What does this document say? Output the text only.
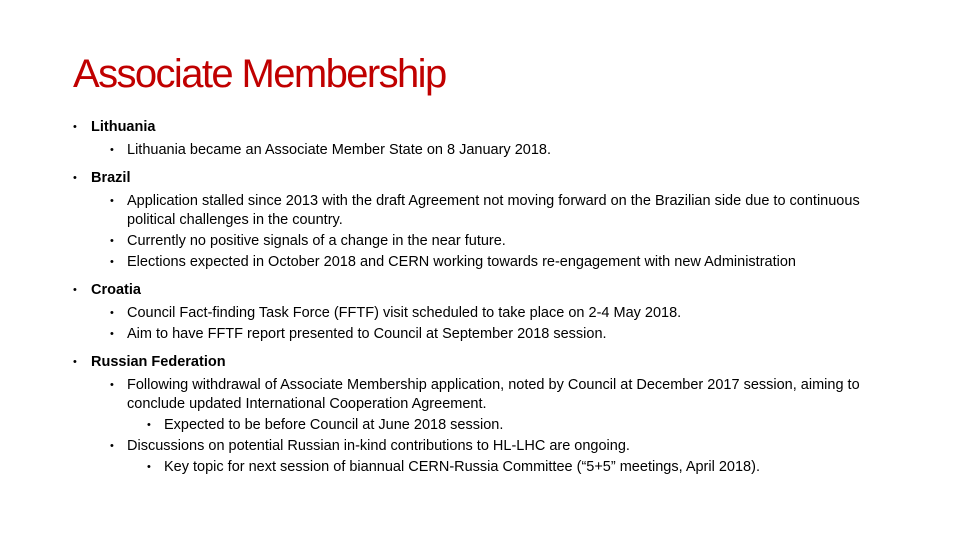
Associate Membership
• Lithuania
• Lithuania became an Associate Member State on 8 January 2018.
• Brazil
• Application stalled since 2013 with the draft Agreement not moving forward on the Brazilian side due to continuous political challenges in the country.
• Currently no positive signals of a change in the near future.
• Elections expected in October 2018 and CERN working towards re-engagement with new Administration
• Croatia
• Council Fact-finding Task Force (FFTF) visit scheduled to take place on 2-4 May 2018.
• Aim to have FFTF report presented to Council at September 2018 session.
• Russian Federation
• Following withdrawal of Associate Membership application, noted by Council at December 2017 session, aiming to conclude updated International Cooperation Agreement.
• Expected to be before Council at June 2018 session.
• Discussions on potential Russian in-kind contributions to HL-LHC are ongoing.
• Key topic for next session of biannual CERN-Russia Committee (“5+5” meetings, April 2018).
